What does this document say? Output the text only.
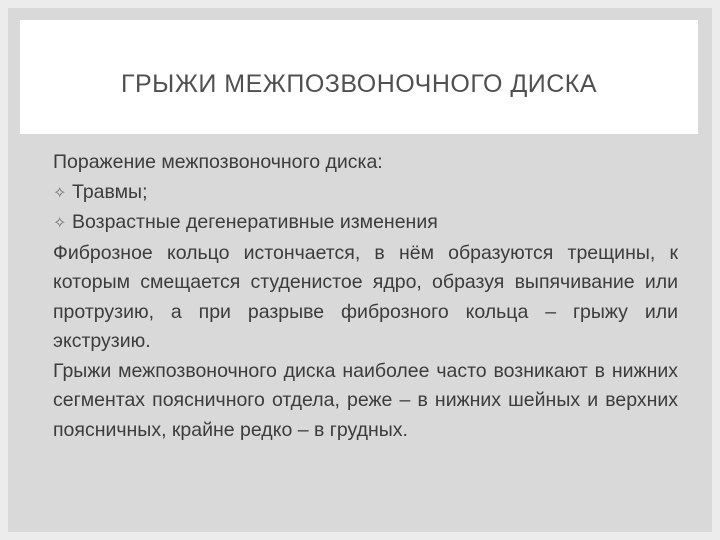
ГРЫЖИ МЕЖПОЗВОНОЧНОГО ДИСКА
Поражение межпозвоночного диска:
✧ Травмы;
✧ Возрастные дегенеративные изменения
Фиброзное кольцо истончается, в нём образуются трещины, к которым смещается студенистое ядро, образуя выпячивание или протрузию, а при разрыве фиброзного кольца – грыжу или экструзию.
Грыжи межпозвоночного диска наиболее часто возникают в нижних сегментах поясничного отдела, реже – в нижних шейных и верхних поясничных, крайне редко – в грудных.
